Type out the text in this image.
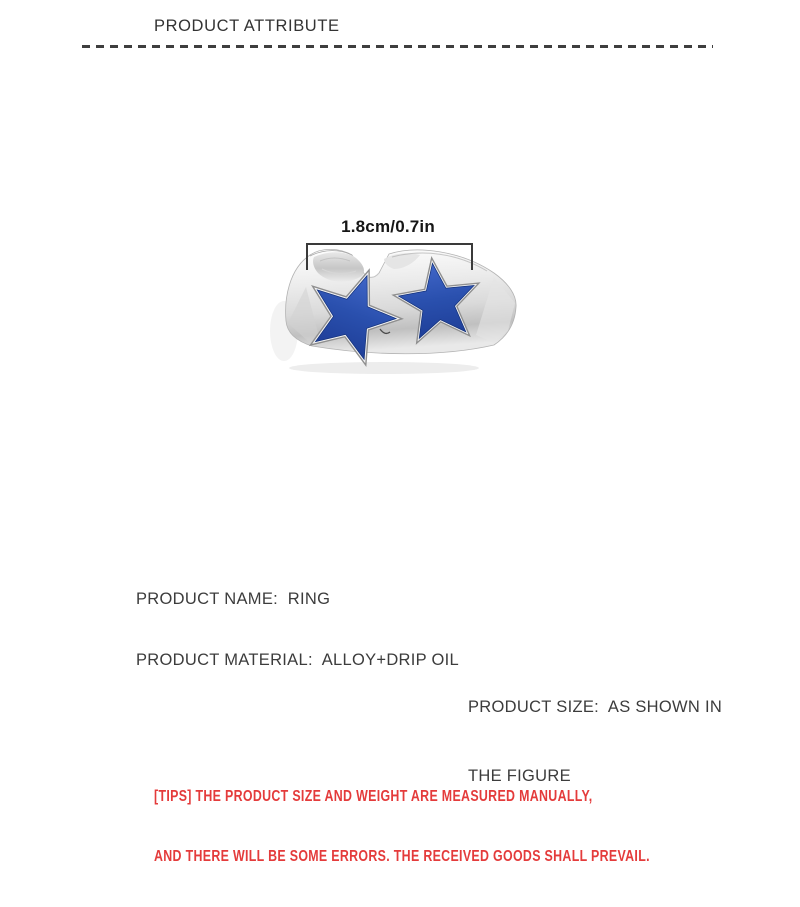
PRODUCT ATTRIBUTE
1.8cm/0.7in
PRODUCT NAME:  RING
PRODUCT MATERIAL:  ALLOY+DRIP OIL

PRODUCT SIZE:  AS SHOWN IN

THE FIGURE

[TIPS] THE PRODUCT SIZE AND WEIGHT ARE MEASURED MANUALLY,

AND THERE WILL BE SOME ERRORS. THE RECEIVED GOODS SHALL PREVAIL.
